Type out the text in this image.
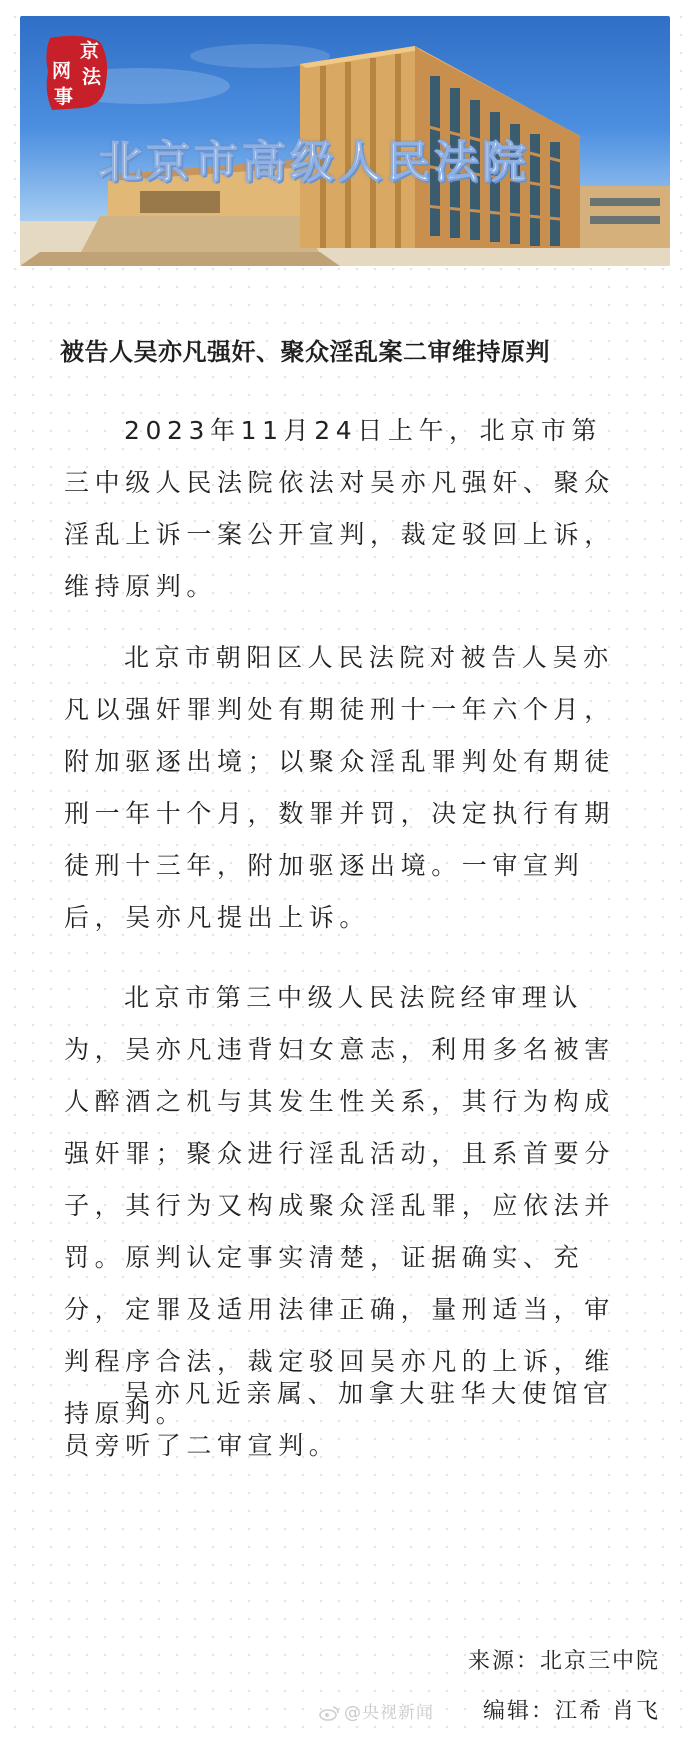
京
法
网
事
北京市高级人民法院
被告人吴亦凡强奸、聚众淫乱案二审维持原判

2023年11月24日上午，北京市第三中级人民法院依法对吴亦凡强奸、聚众淫乱上诉一案公开宣判，裁定驳回上诉，维持原判。

北京市朝阳区人民法院对被告人吴亦凡以强奸罪判处有期徒刑十一年六个月，附加驱逐出境；以聚众淫乱罪判处有期徒刑一年十个月，数罪并罚，决定执行有期徒刑十三年，附加驱逐出境。一审宣判后，吴亦凡提出上诉。

北京市第三中级人民法院经审理认为，吴亦凡违背妇女意志，利用多名被害人醉酒之机与其发生性关系，其行为构成强奸罪；聚众进行淫乱活动，且系首要分子，其行为又构成聚众淫乱罪，应依法并罚。原判认定事实清楚，证据确实、充分，定罪及适用法律正确，量刑适当，审判程序合法，裁定驳回吴亦凡的上诉，维持原判。

吴亦凡近亲属、加拿大驻华大使馆官员旁听了二审宣判。

来源：北京三中院
编辑：江希 肖飞
@央视新闻
